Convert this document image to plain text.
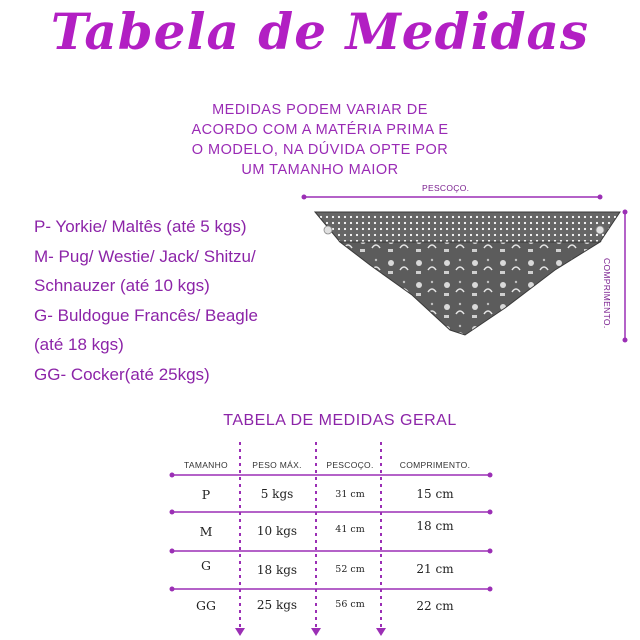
Tabela de Medidas
MEDIDAS PODEM VARIAR DE
ACORDO COM A MATÉRIA PRIMA E
O MODELO, NA DÚVIDA OPTE POR
UM TAMANHO MAIOR
P- Yorkie/ Maltês (até 5 kgs)
M- Pug/ Westie/ Jack/ Shitzu/
Schnauzer (até 10 kgs)
G- Buldogue Francês/ Beagle
(até 18 kgs)
GG- Cocker(até 25kgs)
PESCOÇO.
COMPRIMENTO.
TABELA DE MEDIDAS GERAL
TAMANHO	PESO MÁX.	PESCOÇO.	COMPRIMENTO.
P	5 kgs	31 cm	15 cm
M	10 kgs	41 cm	18 cm
G	18 kgs	52 cm	21 cm
GG	25 kgs	56 cm	22 cm
